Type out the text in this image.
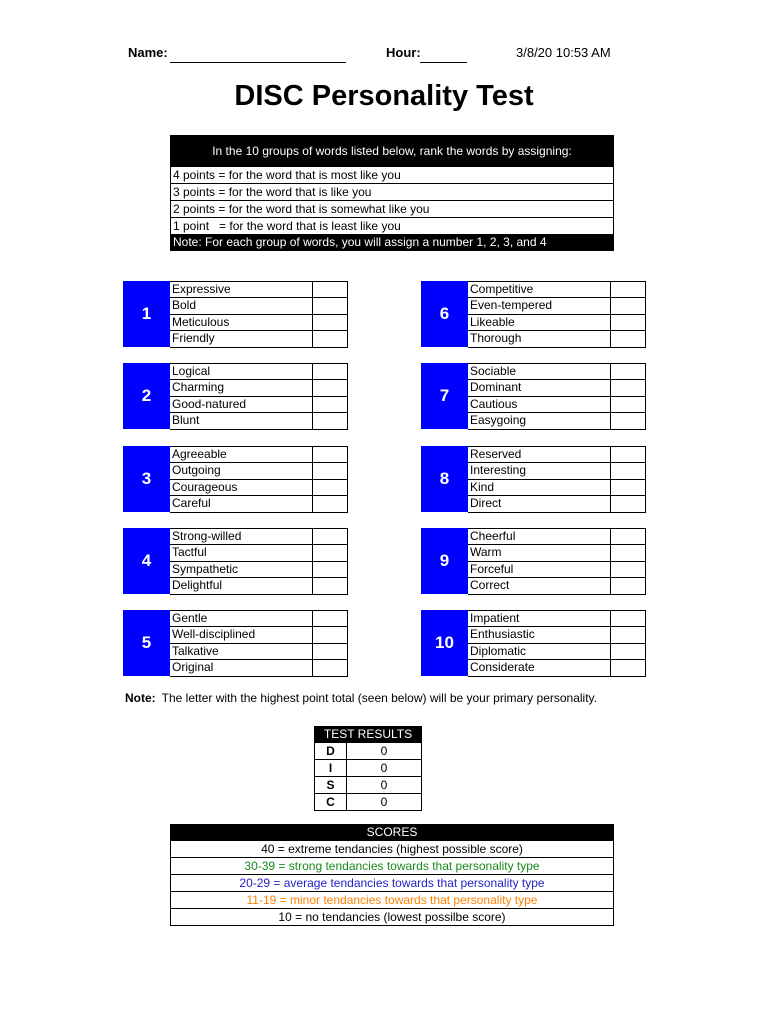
Name:	Hour:	3/8/20 10:53 AM
DISC Personality Test
In the 10 groups of words listed below, rank the words by assigning:
4 points = for the word that is most like you
3 points = for the word that is like you
2 points = for the word that is somewhat like you
1 point   = for the word that is least like you
Note: For each group of words, you will assign a number 1, 2, 3, and 4
1
Expressive
Bold
Meticulous
Friendly
2
Logical
Charming
Good-natured
Blunt
3
Agreeable
Outgoing
Courageous
Careful
4
Strong-willed
Tactful
Sympathetic
Delightful
5
Gentle
Well-disciplined
Talkative
Original
6
Competitive
Even-tempered
Likeable
Thorough
7
Sociable
Dominant
Cautious
Easygoing
8
Reserved
Interesting
Kind
Direct
9
Cheerful
Warm
Forceful
Correct
10
Impatient
Enthusiastic
Diplomatic
Considerate
Note: The letter with the highest point total (seen below) will be your primary personality.
TEST RESULTS
D	0
I	0
S	0
C	0
SCORES
40 = extreme tendancies (highest possible score)
30-39 = strong tendancies towards that personality type
20-29 = average tendancies towards that personality type
11-19 = minor tendancies towards that personality type
10 = no tendancies (lowest possilbe score)
